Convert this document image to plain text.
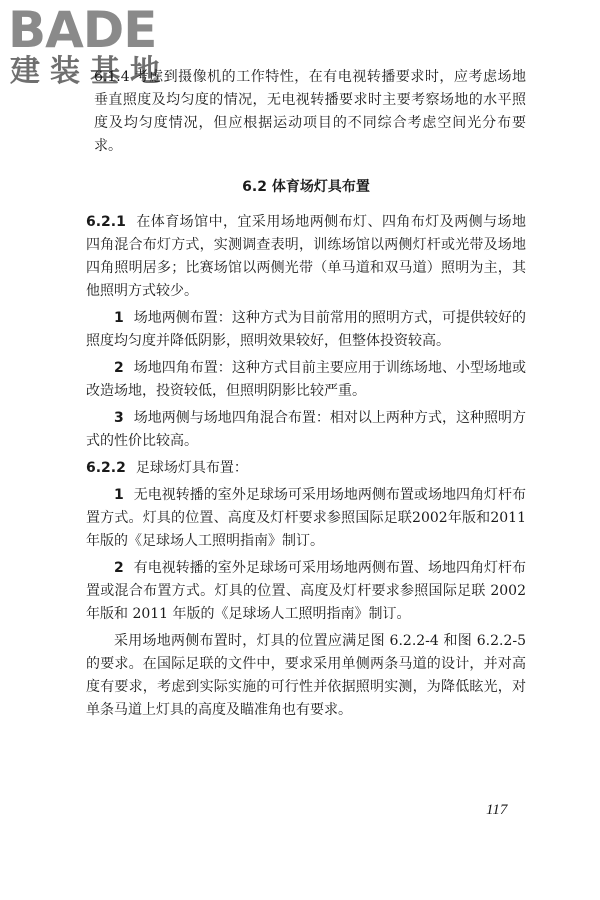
BADE
建装基地

6.1.4 考虑到摄像机的工作特性，在有电视转播要求时，应考虑场地垂直照度及均匀度的情况，无电视转播要求时主要考察场地的水平照度及均匀度情况，但应根据运动项目的不同综合考虑空间光分布要求。

6.2 体育场灯具布置

6.2.1 在体育场馆中，宜采用场地两侧布灯、四角布灯及两侧与场地四角混合布灯方式，实测调查表明，训练场馆以两侧灯杆或光带及场地四角照明居多；比赛场馆以两侧光带（单马道和双马道）照明为主，其他照明方式较少。

1 场地两侧布置：这种方式为目前常用的照明方式，可提供较好的照度均匀度并降低阴影，照明效果较好，但整体投资较高。

2 场地四角布置：这种方式目前主要应用于训练场地、小型场地或改造场地，投资较低，但照明阴影比较严重。

3 场地两侧与场地四角混合布置：相对以上两种方式，这种照明方式的性价比较高。

6.2.2 足球场灯具布置：

1 无电视转播的室外足球场可采用场地两侧布置或场地四角灯杆布置方式。灯具的位置、高度及灯杆要求参照国际足联2002年版和2011年版的《足球场人工照明指南》制订。

2 有电视转播的室外足球场可采用场地两侧布置、场地四角灯杆布置或混合布置方式。灯具的位置、高度及灯杆要求参照国际足联 2002 年版和 2011 年版的《足球场人工照明指南》制订。

采用场地两侧布置时，灯具的位置应满足图 6.2.2-4 和图 6.2.2-5 的要求。在国际足联的文件中，要求采用单侧两条马道的设计，并对高度有要求，考虑到实际实施的可行性并依据照明实测，为降低眩光，对单条马道上灯具的高度及瞄准角也有要求。

117
